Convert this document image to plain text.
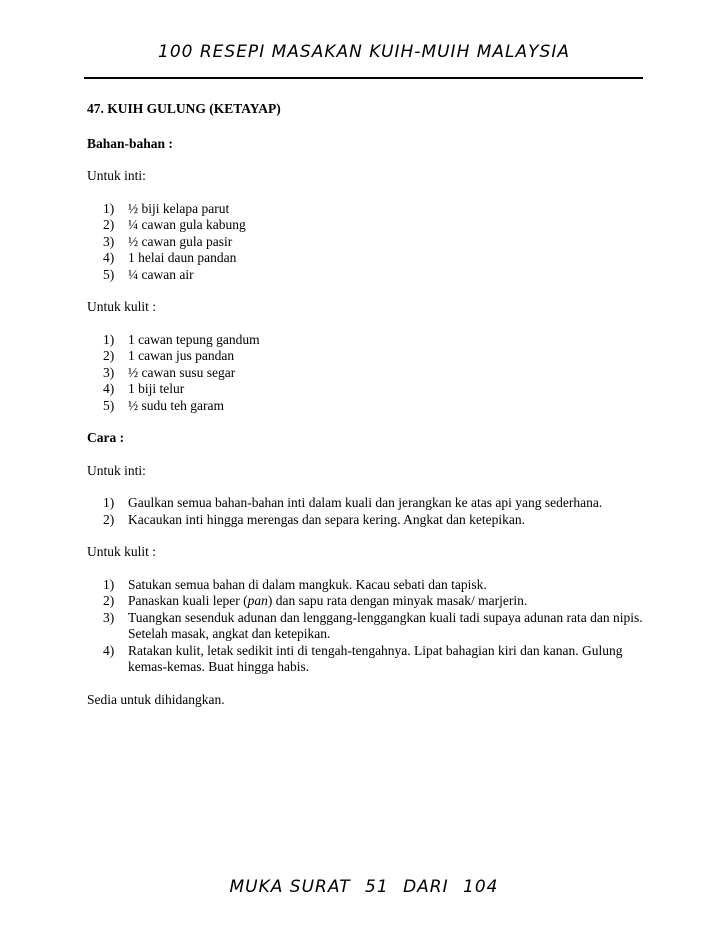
100 RESEPI MASAKAN KUIH-MUIH MALAYSIA
47. KUIH GULUNG (KETAYAP)
Bahan-bahan :
Untuk inti:
1) ½ biji kelapa parut
2) ¼ cawan gula kabung
3) ½ cawan gula pasir
4) 1 helai daun pandan
5) ¼ cawan air
Untuk kulit :
1) 1 cawan tepung gandum
2) 1 cawan jus pandan
3) ½ cawan susu segar
4) 1 biji telur
5) ½ sudu teh garam
Cara :
Untuk inti:
1) Gaulkan semua bahan-bahan inti dalam kuali dan jerangkan ke atas api yang sederhana.
2) Kacaukan inti hingga merengas dan separa kering. Angkat dan ketepikan.
Untuk kulit :
1) Satukan semua bahan di dalam mangkuk. Kacau sebati dan tapisk.
2) Panaskan kuali leper (pan) dan sapu rata dengan minyak masak/ marjerin.
3) Tuangkan sesenduk adunan dan lenggang-lenggangkan kuali tadi supaya adunan rata dan nipis. Setelah masak, angkat dan ketepikan.
4) Ratakan kulit, letak sedikit inti di tengah-tengahnya. Lipat bahagian kiri dan kanan. Gulung kemas-kemas. Buat hingga habis.
Sedia untuk dihidangkan.
MUKA SURAT 51 DARI 104
